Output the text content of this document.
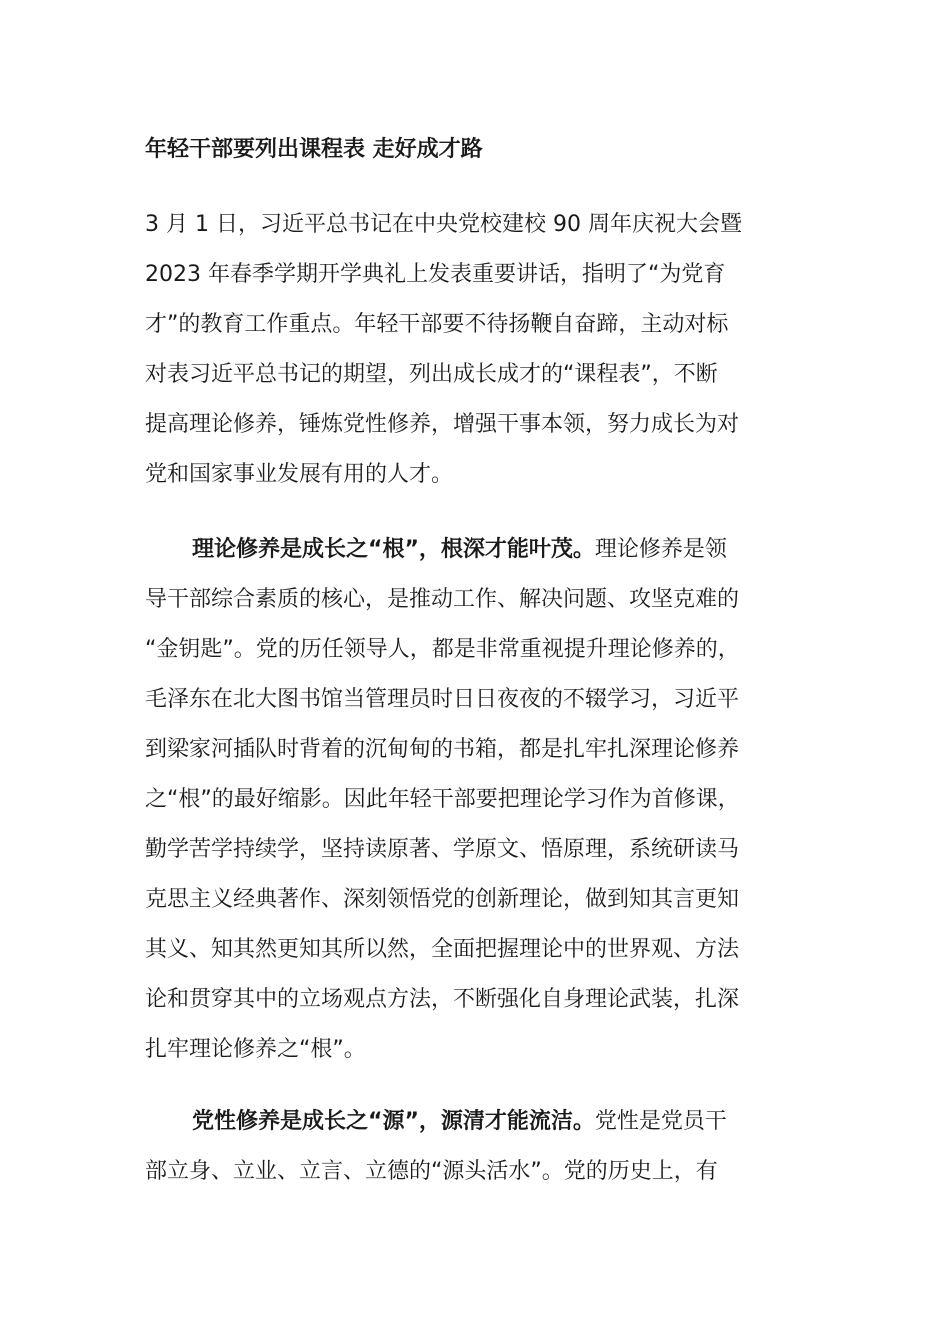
年轻干部要列出课程表 走好成才路
3 月 1 日，习近平总书记在中央党校建校 90 周年庆祝大会暨
2023 年春季学期开学典礼上发表重要讲话，指明了“为党育
才”的教育工作重点。年轻干部要不待扬鞭自奋蹄，主动对标
对表习近平总书记的期望，列出成长成才的“课程表”，不断
提高理论修养，锤炼党性修养，增强干事本领，努力成长为对
党和国家事业发展有用的人才。
理论修养是成长之“根”，根深才能叶茂。理论修养是领
导干部综合素质的核心，是推动工作、解决问题、攻坚克难的
“金钥匙”。党的历任领导人，都是非常重视提升理论修养的，
毛泽东在北大图书馆当管理员时日日夜夜的不辍学习，习近平
到梁家河插队时背着的沉甸甸的书箱，都是扎牢扎深理论修养
之“根”的最好缩影。因此年轻干部要把理论学习作为首修课，
勤学苦学持续学，坚持读原著、学原文、悟原理，系统研读马
克思主义经典著作、深刻领悟党的创新理论，做到知其言更知
其义、知其然更知其所以然，全面把握理论中的世界观、方法
论和贯穿其中的立场观点方法，不断强化自身理论武装，扎深
扎牢理论修养之“根”。
党性修养是成长之“源”，源清才能流洁。党性是党员干
部立身、立业、立言、立德的“源头活水”。党的历史上，有
